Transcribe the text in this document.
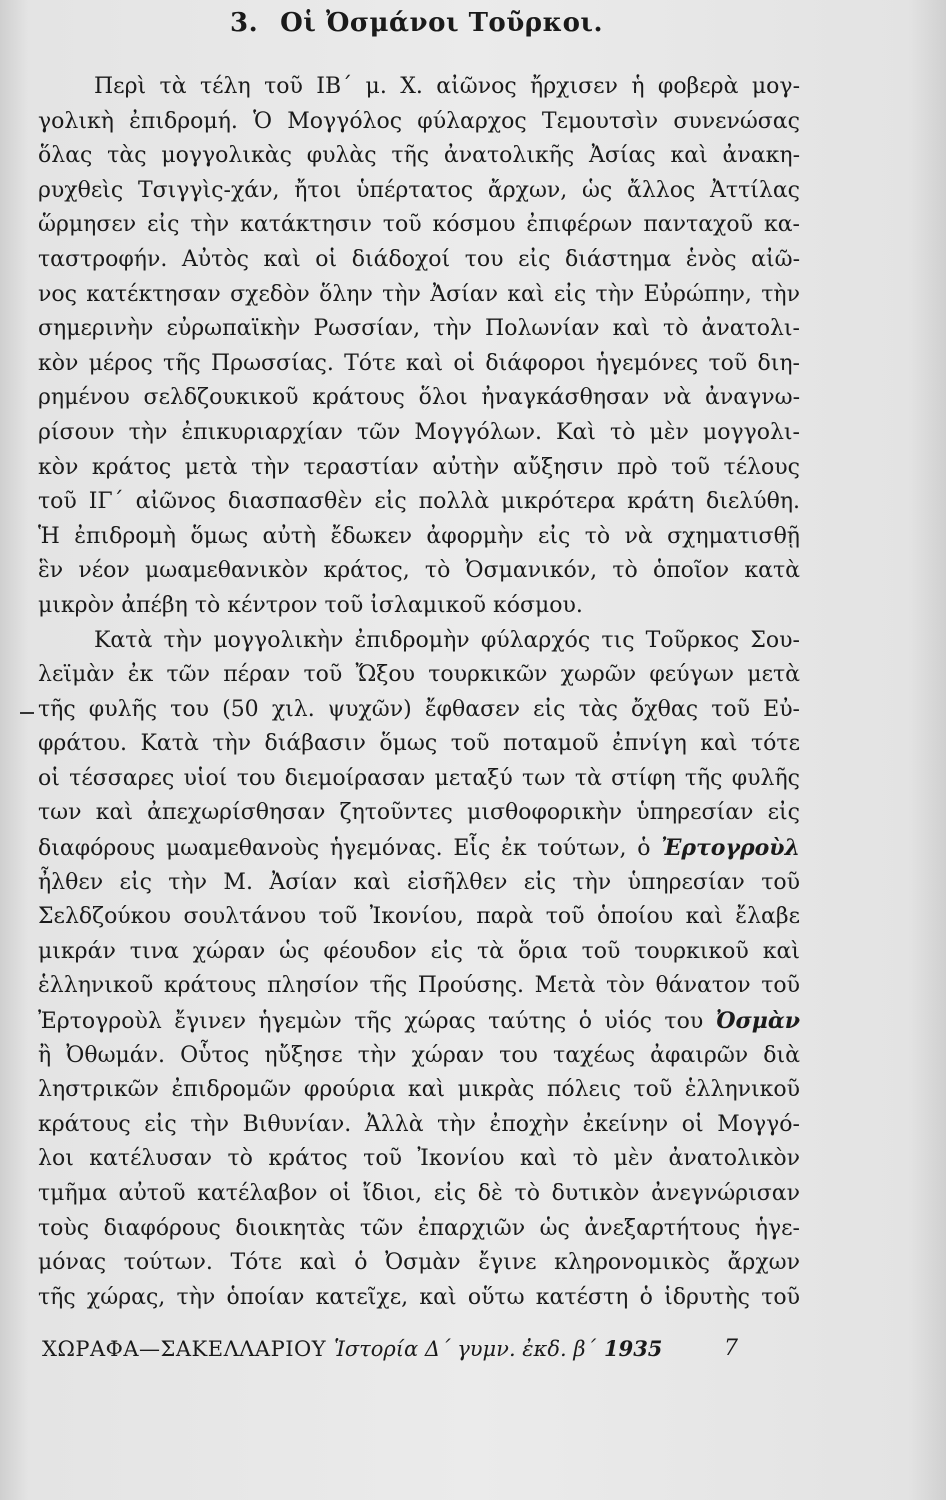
3. Οἱ Ὀσμάνοι Τοῦρκοι.
Περὶ τὰ τέλη τοῦ ΙΒ΄ μ. Χ. αἰῶνος ἤρχισεν ἡ φοβερὰ μογ-
γολικὴ ἐπιδρομή. Ὁ Μογγόλος φύλαρχος Τεμουτσὶν συνενώσας
ὅλας τὰς μογγολικὰς φυλὰς τῆς ἀνατολικῆς Ἀσίας καὶ ἀνακη-
ρυχθεὶς Τσιγγὶς-χάν, ἤτοι ὑπέρτατος ἄρχων, ὡς ἄλλος Ἀττίλας
ὥρμησεν εἰς τὴν κατάκτησιν τοῦ κόσμου ἐπιφέρων πανταχοῦ κα-
ταστροφήν. Αὐτὸς καὶ οἱ διάδοχοί του εἰς διάστημα ἑνὸς αἰῶ-
νος κατέκτησαν σχεδὸν ὅλην τὴν Ἀσίαν καὶ εἰς τὴν Εὐρώπην, τὴν
σημερινὴν εὐρωπαϊκὴν Ρωσσίαν, τὴν Πολωνίαν καὶ τὸ ἀνατολι-
κὸν μέρος τῆς Πρωσσίας. Τότε καὶ οἱ διάφοροι ἡγεμόνες τοῦ διη-
ρημένου σελδζουκικοῦ κράτους ὅλοι ἠναγκάσθησαν νὰ ἀναγνω-
ρίσουν τὴν ἐπικυριαρχίαν τῶν Μογγόλων. Καὶ τὸ μὲν μογγολι-
κὸν κράτος μετὰ τὴν τεραστίαν αὐτὴν αὔξησιν πρὸ τοῦ τέλους
τοῦ ΙΓ΄ αἰῶνος διασπασθὲν εἰς πολλὰ μικρότερα κράτη διελύθη.
Ἡ ἐπιδρομὴ ὅμως αὐτὴ ἔδωκεν ἀφορμὴν εἰς τὸ νὰ σχηματισθῇ
ἓν νέον μωαμεθανικὸν κράτος, τὸ Ὀσμανικόν, τὸ ὁποῖον κατὰ
μικρὸν ἀπέβη τὸ κέντρον τοῦ ἰσλαμικοῦ κόσμου.
Κατὰ τὴν μογγολικὴν ἐπιδρομὴν φύλαρχός τις Τοῦρκος Σου-
λεϊμὰν ἐκ τῶν πέραν τοῦ Ὤξου τουρκικῶν χωρῶν φεύγων μετὰ
τῆς φυλῆς του (50 χιλ. ψυχῶν) ἔφθασεν εἰς τὰς ὄχθας τοῦ Εὐ-
φράτου. Κατὰ τὴν διάβασιν ὅμως τοῦ ποταμοῦ ἐπνίγη καὶ τότε
οἱ τέσσαρες υἱοί του διεμοίρασαν μεταξύ των τὰ στίφη τῆς φυλῆς
των καὶ ἀπεχωρίσθησαν ζητοῦντες μισθοφορικὴν ὑπηρεσίαν εἰς
διαφόρους μωαμεθανοὺς ἡγεμόνας. Εἷς ἐκ τούτων, ὁ Ἐρτογροὺλ
ἦλθεν εἰς τὴν Μ. Ἀσίαν καὶ εἰσῆλθεν εἰς τὴν ὑπηρεσίαν τοῦ
Σελδζούκου σουλτάνου τοῦ Ἰκονίου, παρὰ τοῦ ὁποίου καὶ ἔλαβε
μικράν τινα χώραν ὡς φέουδον εἰς τὰ ὅρια τοῦ τουρκικοῦ καὶ
ἑλληνικοῦ κράτους πλησίον τῆς Προύσης. Μετὰ τὸν θάνατον τοῦ
Ἐρτογρoὺλ ἔγινεν ἡγεμὼν τῆς χώρας ταύτης ὁ υἱός του Ὀσμὰν
ἢ Ὀθωμάν. Οὗτος ηὔξησε τὴν χώραν του ταχέως ἀφαιρῶν διὰ
ληστρικῶν ἐπιδρομῶν φρούρια καὶ μικρὰς πόλεις τοῦ ἑλληνικοῦ
κράτους εἰς τὴν Βιθυνίαν. Ἀλλὰ τὴν ἐποχὴν ἐκείνην οἱ Μογγό-
λοι κατέλυσαν τὸ κράτος τοῦ Ἰκονίου καὶ τὸ μὲν ἀνατολικὸν
τμῆμα αὐτοῦ κατέλαβον οἱ ἴδιοι, εἰς δὲ τὸ δυτικὸν ἀνεγνώρισαν
τοὺς διαφόρους διοικητὰς τῶν ἐπαρχιῶν ὡς ἀνεξαρτήτους ἡγε-
μόνας τούτων. Τότε καὶ ὁ Ὀσμὰν ἔγινε κληρονομικὸς ἄρχων
τῆς χώρας, τὴν ὁποίαν κατεῖχε, καὶ οὕτω κατέστη ὁ ἱδρυτὴς τοῦ
ΧΩΡΑΦΑ—ΣΑΚΕΛΛΑΡΙΟΥ Ἱστορία Δ΄ γυμν. ἐκδ. β΄ 1935	7
